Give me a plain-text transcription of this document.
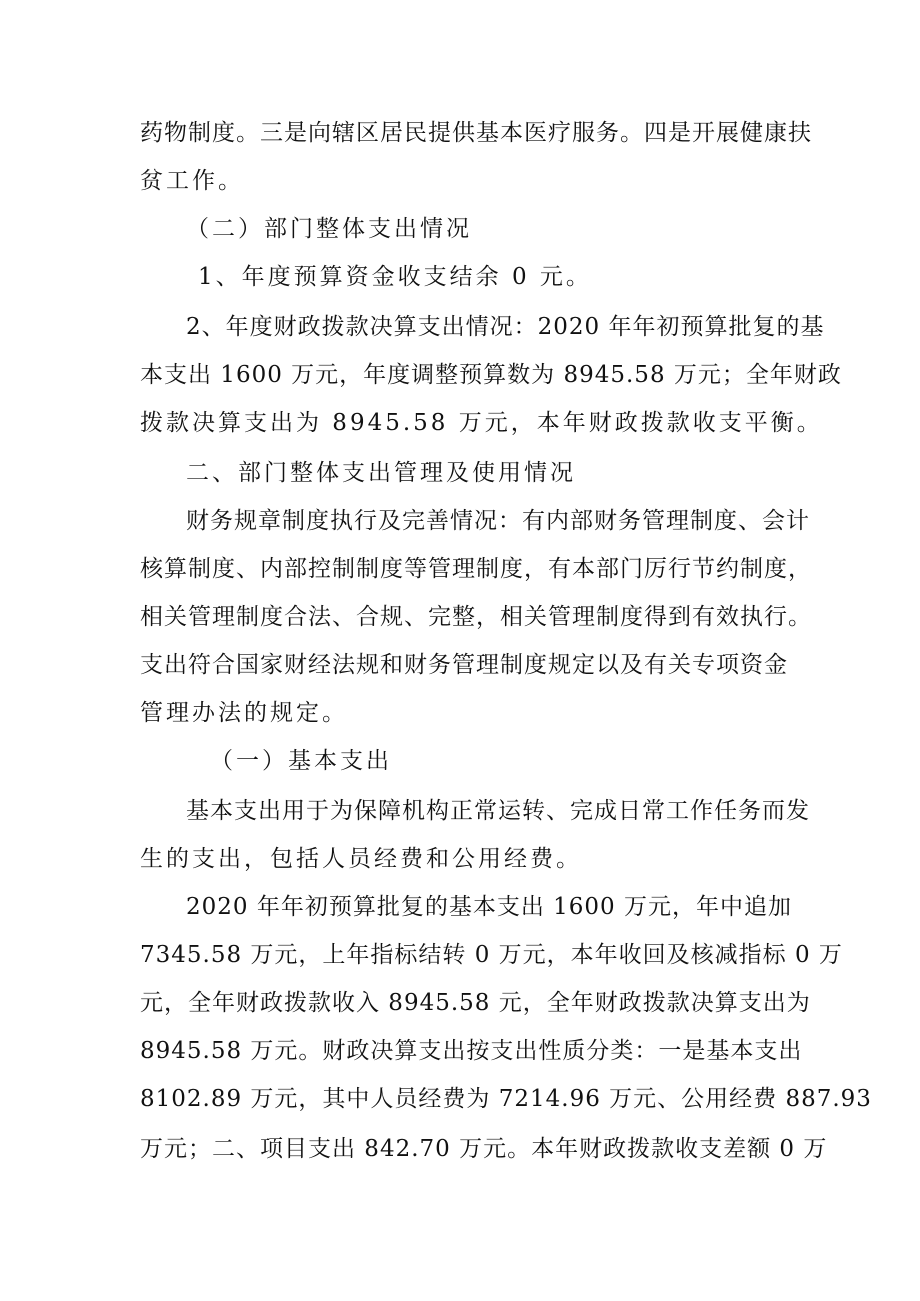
药物制度。三是向辖区居民提供基本医疗服务。四是开展健康扶
贫工作。
（二）部门整体支出情况
1、年度预算资金收支结余 0 元。
2、年度财政拨款决算支出情况：2020 年年初预算批复的基
本支出 1600 万元，年度调整预算数为 8945.58 万元；全年财政
拨款决算支出为 8945.58 万元，本年财政拨款收支平衡。
二、部门整体支出管理及使用情况
财务规章制度执行及完善情况：有内部财务管理制度、会计
核算制度、内部控制制度等管理制度，有本部门厉行节约制度，
相关管理制度合法、合规、完整，相关管理制度得到有效执行。
支出符合国家财经法规和财务管理制度规定以及有关专项资金
管理办法的规定。
（一）基本支出
基本支出用于为保障机构正常运转、完成日常工作任务而发
生的支出，包括人员经费和公用经费。
2020 年年初预算批复的基本支出 1600 万元，年中追加
7345.58 万元，上年指标结转 0 万元，本年收回及核减指标 0 万
元，全年财政拨款收入 8945.58 元，全年财政拨款决算支出为
8945.58 万元。财政决算支出按支出性质分类：一是基本支出
8102.89 万元，其中人员经费为 7214.96 万元、公用经费 887.93
万元；二、项目支出 842.70 万元。本年财政拨款收支差额 0 万
